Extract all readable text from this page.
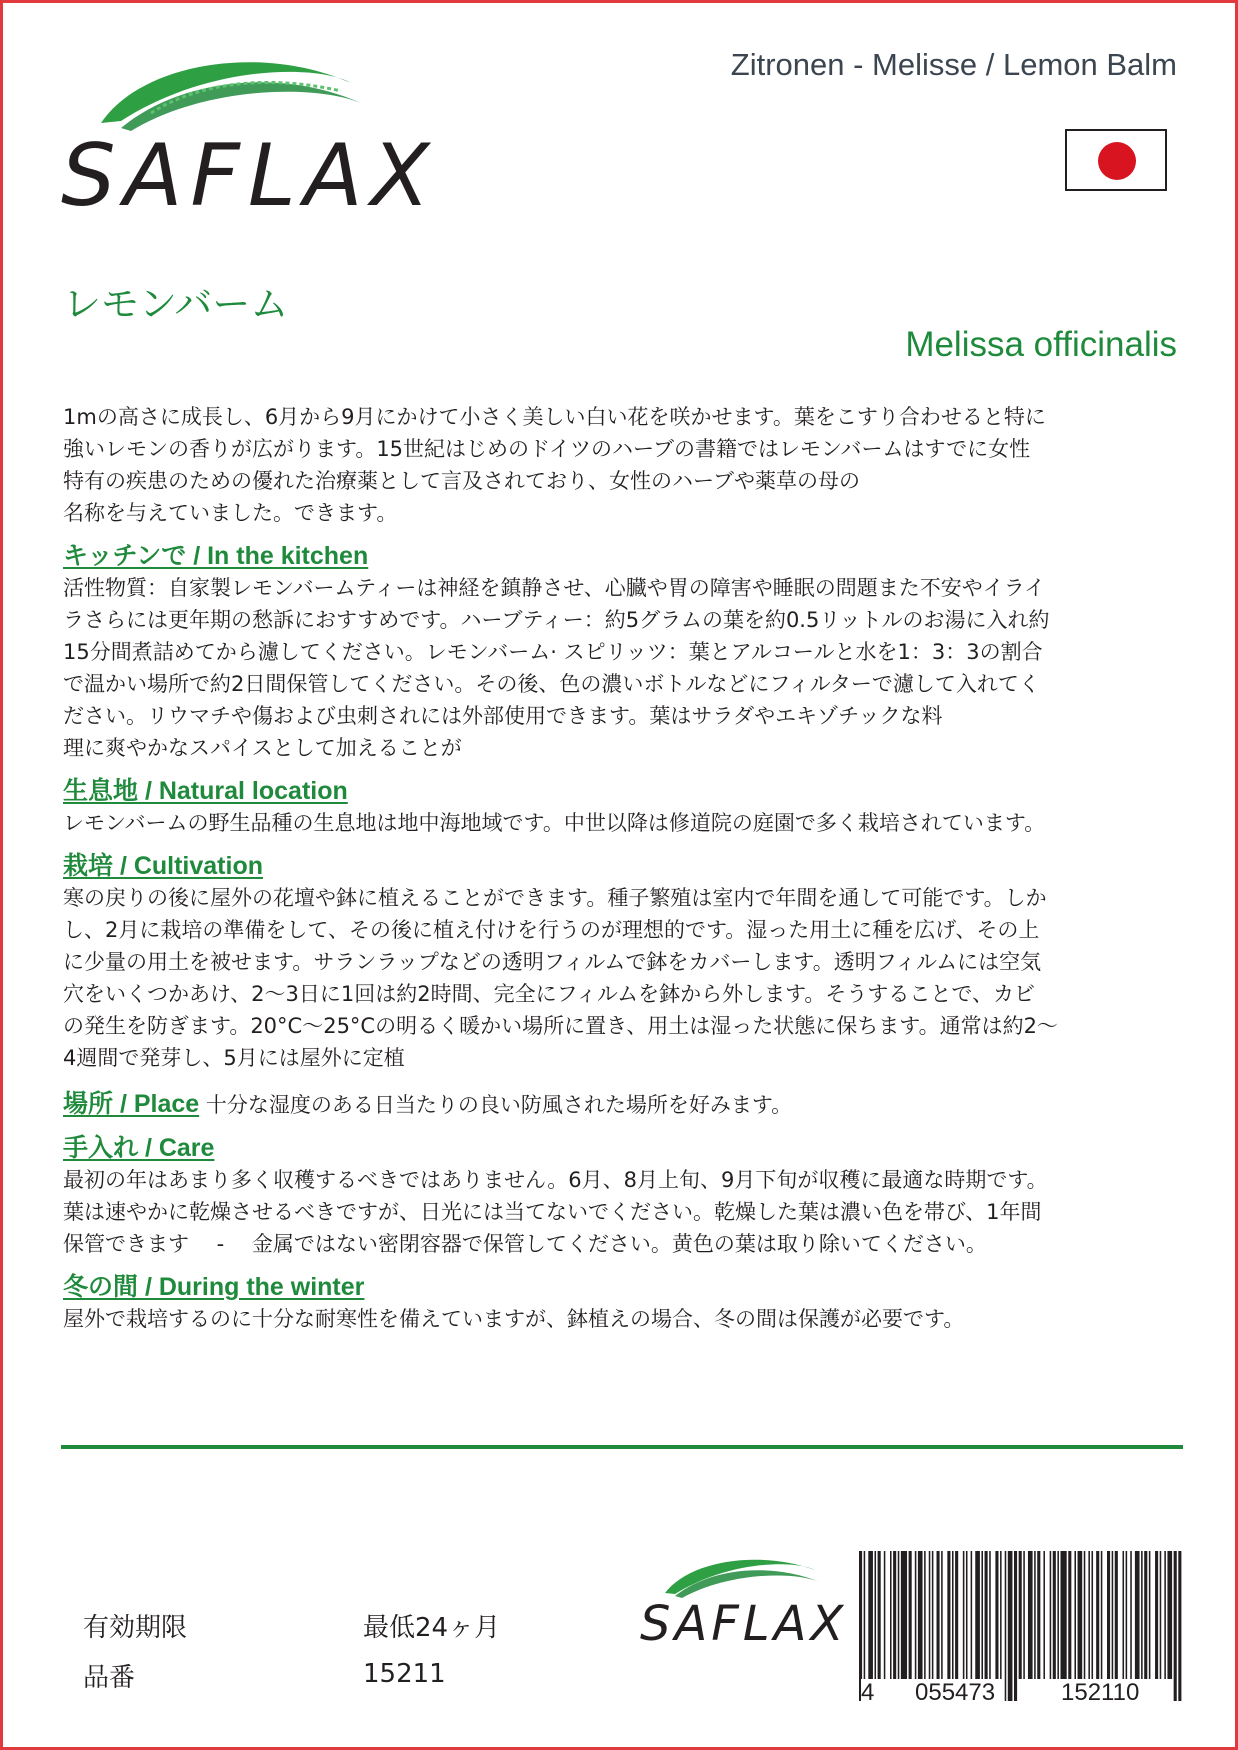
SAFLAX
Zitronen - Melisse / Lemon Balm
レモンバーム
Melissa officinalis

1mの高さに成長し、6月から9月にかけて小さく美しい白い花を咲かせます。葉をこすり合わせると特に

強いレモンの香りが広がります。15世紀はじめのドイツのハーブの書籍ではレモンバームはすでに女性

特有の疾患のための優れた治療薬として言及されており、女性のハーブや薬草の母の

名称を与えていました。できます。

キッチンで / In the kitchen

活性物質：自家製レモンバームティーは神経を鎮静させ、心臓や胃の障害や睡眠の問題また不安やイライ

ラさらには更年期の愁訴におすすめです。ハーブティー：約5グラムの葉を約0.5リットルのお湯に入れ約

15分間煮詰めてから濾してください。レモンバーム· スピリッツ：葉とアルコールと水を1：3：3の割合

で温かい場所で約2日間保管してください。その後、色の濃いボトルなどにフィルターで濾して入れてく

ださい。リウマチや傷および虫刺されには外部使用できます。葉はサラダやエキゾチックな料

理に爽やかなスパイスとして加えることが

生息地 / Natural location

レモンバームの野生品種の生息地は地中海地域です。中世以降は修道院の庭園で多く栽培されています。

栽培 / Cultivation

寒の戻りの後に屋外の花壇や鉢に植えることができます。種子繁殖は室内で年間を通して可能です。しか

し、2月に栽培の準備をして、その後に植え付けを行うのが理想的です。湿った用土に種を広げ、その上

に少量の用土を被せます。サランラップなどの透明フィルムで鉢をカバーします。透明フィルムには空気

穴をいくつかあけ、2～3日に1回は約2時間、完全にフィルムを鉢から外します。そうすることで、カビ

の発生を防ぎます。20°C〜25°Cの明るく暖かい場所に置き、用土は湿った状態に保ちます。通常は約2～

4週間で発芽し、5月には屋外に定植

場所 / Place 十分な湿度のある日当たりの良い防風された場所を好みます。

手入れ / Care

最初の年はあまり多く収穫するべきではありません。6月、8月上旬、9月下旬が収穫に最適な時期です。

葉は速やかに乾燥させるべきですが、日光には当てないでください。乾燥した葉は濃い色を帯び、1年間

保管できます　 -　 金属ではない密閉容器で保管してください。黄色の葉は取り除いてください。

冬の間 / During the winter

屋外で栽培するのに十分な耐寒性を備えていますが、鉢植えの場合、冬の間は保護が必要です。

有効期限	最低24ヶ月
品番	15211
SAFLAX
4 055473	152110
